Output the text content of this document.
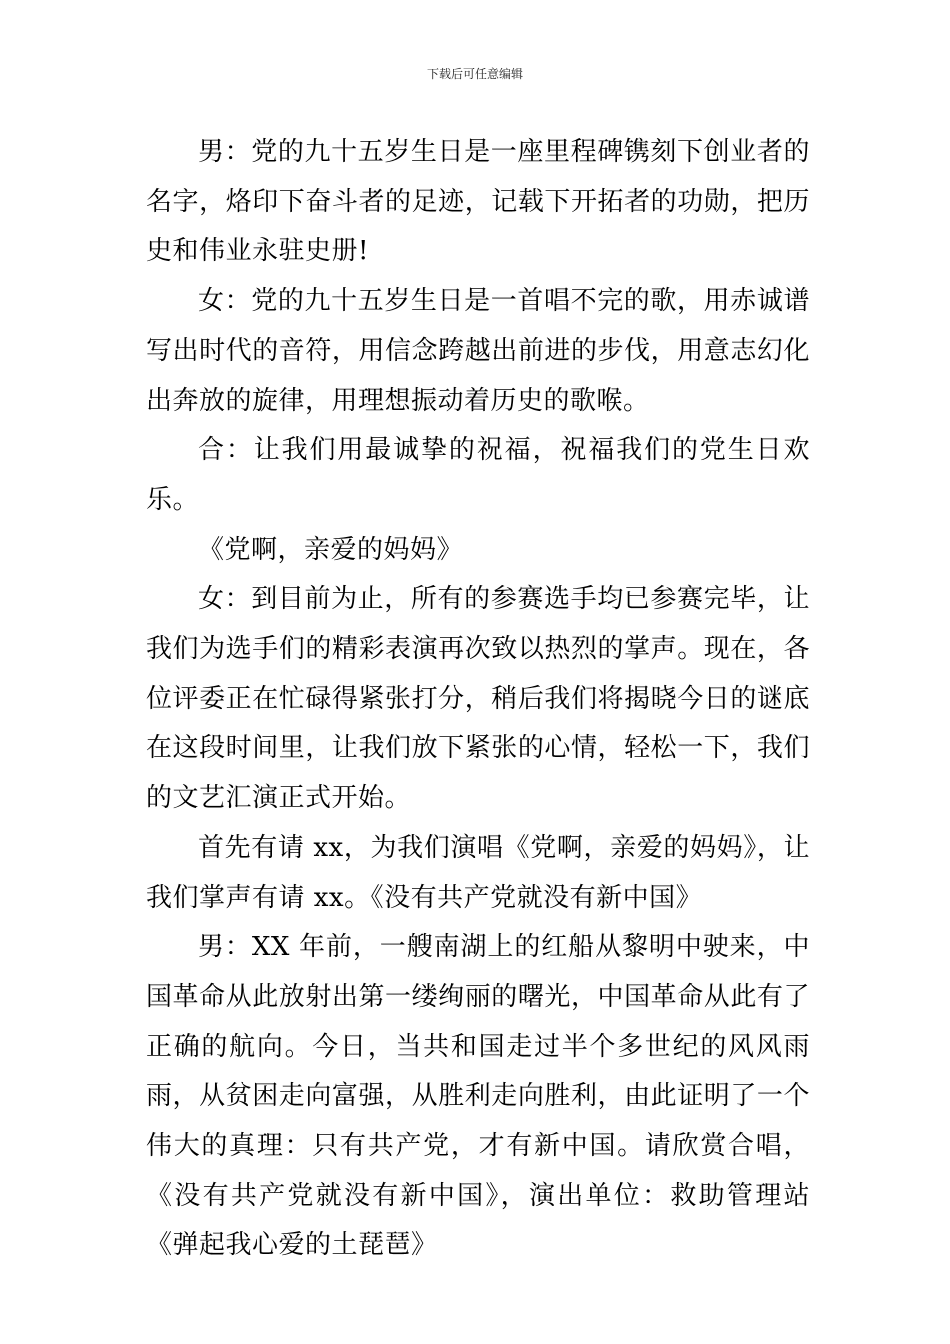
下载后可任意编辑

男：党的九十五岁生日是一座里程碑镌刻下创业者的名字，烙印下奋斗者的足迹，记载下开拓者的功勋，把历史和伟业永驻史册!

女：党的九十五岁生日是一首唱不完的歌，用赤诚谱写出时代的音符，用信念跨越出前进的步伐，用意志幻化出奔放的旋律，用理想振动着历史的歌喉。

合：让我们用最诚挚的祝福，祝福我们的党生日欢乐。

《党啊，亲爱的妈妈》

女：到目前为止，所有的参赛选手均已参赛完毕，让我们为选手们的精彩表演再次致以热烈的掌声。现在，各位评委正在忙碌得紧张打分，稍后我们将揭晓今日的谜底在这段时间里，让我们放下紧张的心情，轻松一下，我们的文艺汇演正式开始。

首先有请 xx，为我们演唱《党啊，亲爱的妈妈》，让我们掌声有请 xx。《没有共产党就没有新中国》

男：XX 年前，一艘南湖上的红船从黎明中驶来，中国革命从此放射出第一缕绚丽的曙光，中国革命从此有了正确的航向。今日，当共和国走过半个多世纪的风风雨雨，从贫困走向富强，从胜利走向胜利，由此证明了一个伟大的真理：只有共产党，才有新中国。请欣赏合唱，《没有共产党就没有新中国》，演出单位：救助管理站《弹起我心爱的土琵琶》
